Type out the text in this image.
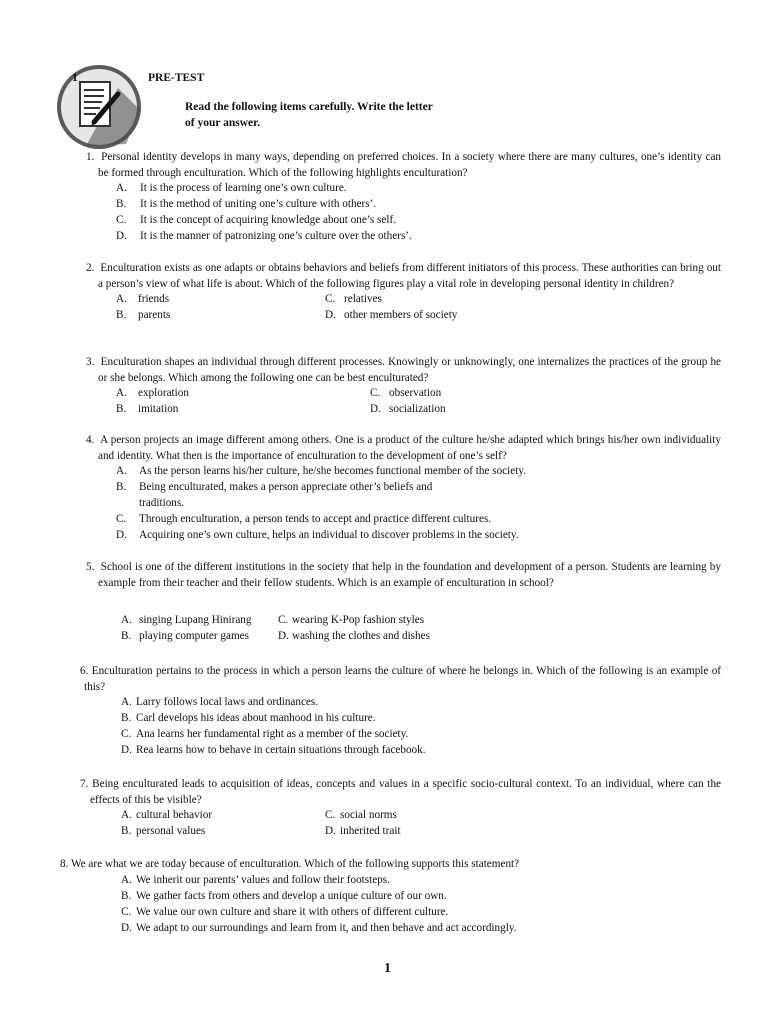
1	PRE-TEST
Read the following items carefully. Write the letter
of your answer.
1. Personal identity develops in many ways, depending on preferred choices. In a society where there are many cultures, one’s identity can be formed through enculturation. Which of the following highlights enculturation?
A. It is the process of learning one’s own culture.
B. It is the method of uniting one’s culture with others’.
C. It is the concept of acquiring knowledge about one’s self.
D. It is the manner of patronizing one’s culture over the others’.
2. Enculturation exists as one adapts or obtains behaviors and beliefs from different initiators of this process. These authorities can bring out a person’s view of what life is about. Which of the following figures play a vital role in developing personal identity in children?
A. friends	C. relatives
B. parents	D. other members of society
3. Enculturation shapes an individual through different processes. Knowingly or unknowingly, one internalizes the practices of the group he or she belongs. Which among the following one can be best enculturated?
A. exploration	C. observation
B. imitation	D. socialization
4. A person projects an image different among others. One is a product of the culture he/she adapted which brings his/her own individuality and identity. What then is the importance of enculturation to the development of one’s self?
A. As the person learns his/her culture, he/she becomes functional member of the society.
B. Being enculturated, makes a person appreciate other’s beliefs and
traditions.
C. Through enculturation, a person tends to accept and practice different cultures.
D. Acquiring one’s own culture, helps an individual to discover problems in the society.
5. School is one of the different institutions in the society that help in the foundation and development of a person. Students are learning by example from their teacher and their fellow students. Which is an example of enculturation in school?
A. singing Lupang Hinirang C. wearing K-Pop fashion styles
B. playing computer games	D. washing the clothes and dishes
6. Enculturation pertains to the process in which a person learns the culture of where he belongs in. Which of the following is an example of this?
A. Larry follows local laws and ordinances.
B. Carl develops his ideas about manhood in his culture.
C. Ana learns her fundamental right as a member of the society.
D. Rea learns how to behave in certain situations through facebook.
7. Being enculturated leads to acquisition of ideas, concepts and values in a specific socio-cultural context. To an individual, where can the effects of this be visible?
A. cultural behavior	C. social norms
B. personal values	D. inherited trait
8. We are what we are today because of enculturation. Which of the following supports this statement?
A. We inherit our parents’ values and follow their footsteps.
B. We gather facts from others and develop a unique culture of our own.
C. We value our own culture and share it with others of different culture.
D. We adapt to our surroundings and learn from it, and then behave and act accordingly.
1
